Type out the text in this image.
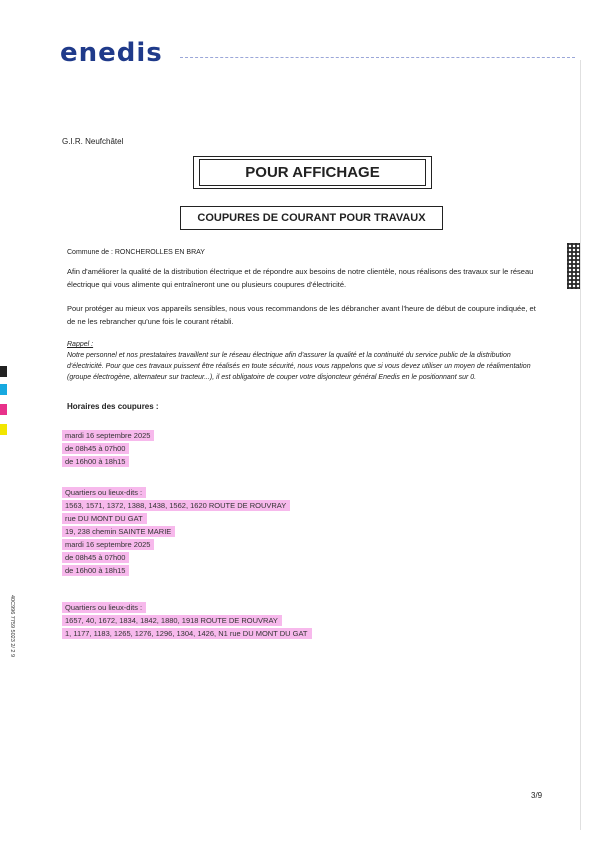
enedis
G.I.R. Neufchâtel
POUR AFFICHAGE
COUPURES DE COURANT POUR TRAVAUX
Commune de : RONCHEROLLES EN BRAY
Afin d'améliorer la qualité de la distribution électrique et de répondre aux besoins de notre clientèle, nous réalisons des travaux sur le réseau électrique qui vous alimente qui entraîneront une ou plusieurs coupures d'électricité.
Pour protéger au mieux vos appareils sensibles, nous vous recommandons de les débrancher avant l'heure de début de coupure indiquée, et de ne les rebrancher qu'une fois le courant rétabli.
Rappel :
Notre personnel et nos prestataires travaillent sur le réseau électrique afin d'assurer la qualité et la continuité du service public de la distribution d'électricité. Pour que ces travaux puissent être réalisés en toute sécurité, nous vous rappelons que si vous devez utiliser un moyen de réalimentation (groupe électrogène, alternateur sur tracteur...), il est obligatoire de couper votre disjoncteur général Enedis en le positionnant sur 0.
Horaires des coupures :
mardi 16 septembre 2025
de 08h45 à 07h00
de 16h00 à 18h15
Quartiers ou lieux-dits :
1563, 1571, 1372, 1388, 1438, 1562, 1620 ROUTE DE ROUVRAY
rue DU MONT DU GAT
19, 238 chemin SAINTE MARIE
mardi 16 septembre 2025
de 08h45 à 07h00
de 16h00 à 18h15
Quartiers ou lieux-dits :
1657, 40, 1672, 1834, 1842, 1880, 1918 ROUTE DE ROUVRAY
1, 1177, 1183, 1265, 1276, 1296, 1304, 1426, N1 rue DU MONT DU GAT
40C996 7759 5023 2/ 2 9
3/9
